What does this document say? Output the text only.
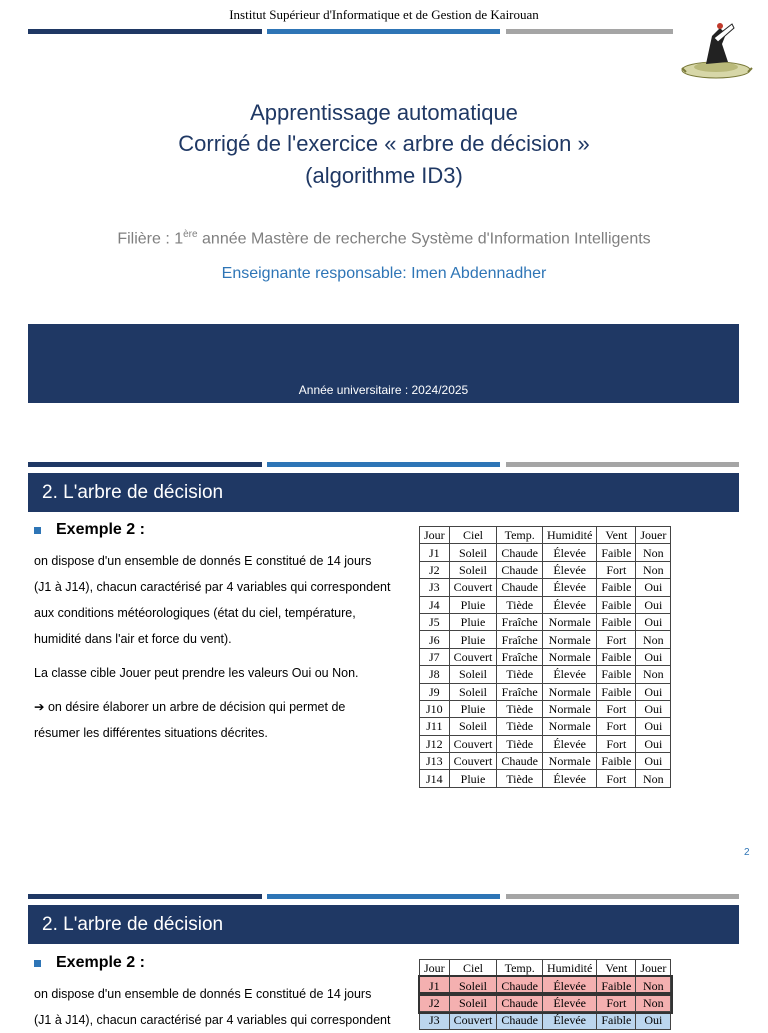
Institut Supérieur d'Informatique et de Gestion de Kairouan
Apprentissage automatique
Corrigé de l'exercice « arbre de décision »
(algorithme ID3)
Filière : 1ère année Mastère de recherche Système d'Information Intelligents
Enseignante responsable: Imen Abdennadher
Année universitaire : 2024/2025
2. L'arbre de décision
Exemple 2 :
on dispose d'un ensemble de donnés E constitué de 14 jours
(J1 à J14), chacun caractérisé par 4 variables qui correspondent
aux conditions météorologiques (état du ciel, température,
humidité dans l'air et force du vent).
La classe cible Jouer peut prendre les valeurs Oui ou Non.
➔ on désire élaborer un arbre de décision qui permet de
résumer les différentes situations décrites.
Jour	Ciel	Temp.	Humidité	Vent	Jouer
J1	Soleil	Chaude	Élevée	Faible	Non
J2	Soleil	Chaude	Élevée	Fort	Non
J3	Couvert	Chaude	Élevée	Faible	Oui
J4	Pluie	Tiède	Élevée	Faible	Oui
J5	Pluie	Fraîche	Normale	Faible	Oui
J6	Pluie	Fraîche	Normale	Fort	Non
J7	Couvert	Fraîche	Normale	Faible	Oui
J8	Soleil	Tiède	Élevée	Faible	Non
J9	Soleil	Fraîche	Normale	Faible	Oui
J10	Pluie	Tiède	Normale	Fort	Oui
J11	Soleil	Tiède	Normale	Fort	Oui
J12	Couvert	Tiède	Élevée	Fort	Oui
J13	Couvert	Chaude	Normale	Faible	Oui
J14	Pluie	Tiède	Élevée	Fort	Non
2
2. L'arbre de décision
Exemple 2 :
on dispose d'un ensemble de donnés E constitué de 14 jours
(J1 à J14), chacun caractérisé par 4 variables qui correspondent
Jour	Ciel	Temp.	Humidité	Vent	Jouer
J1	Soleil	Chaude	Élevée	Faible	Non
J2	Soleil	Chaude	Élevée	Fort	Non
J3	Couvert	Chaude	Élevée	Faible	Oui
